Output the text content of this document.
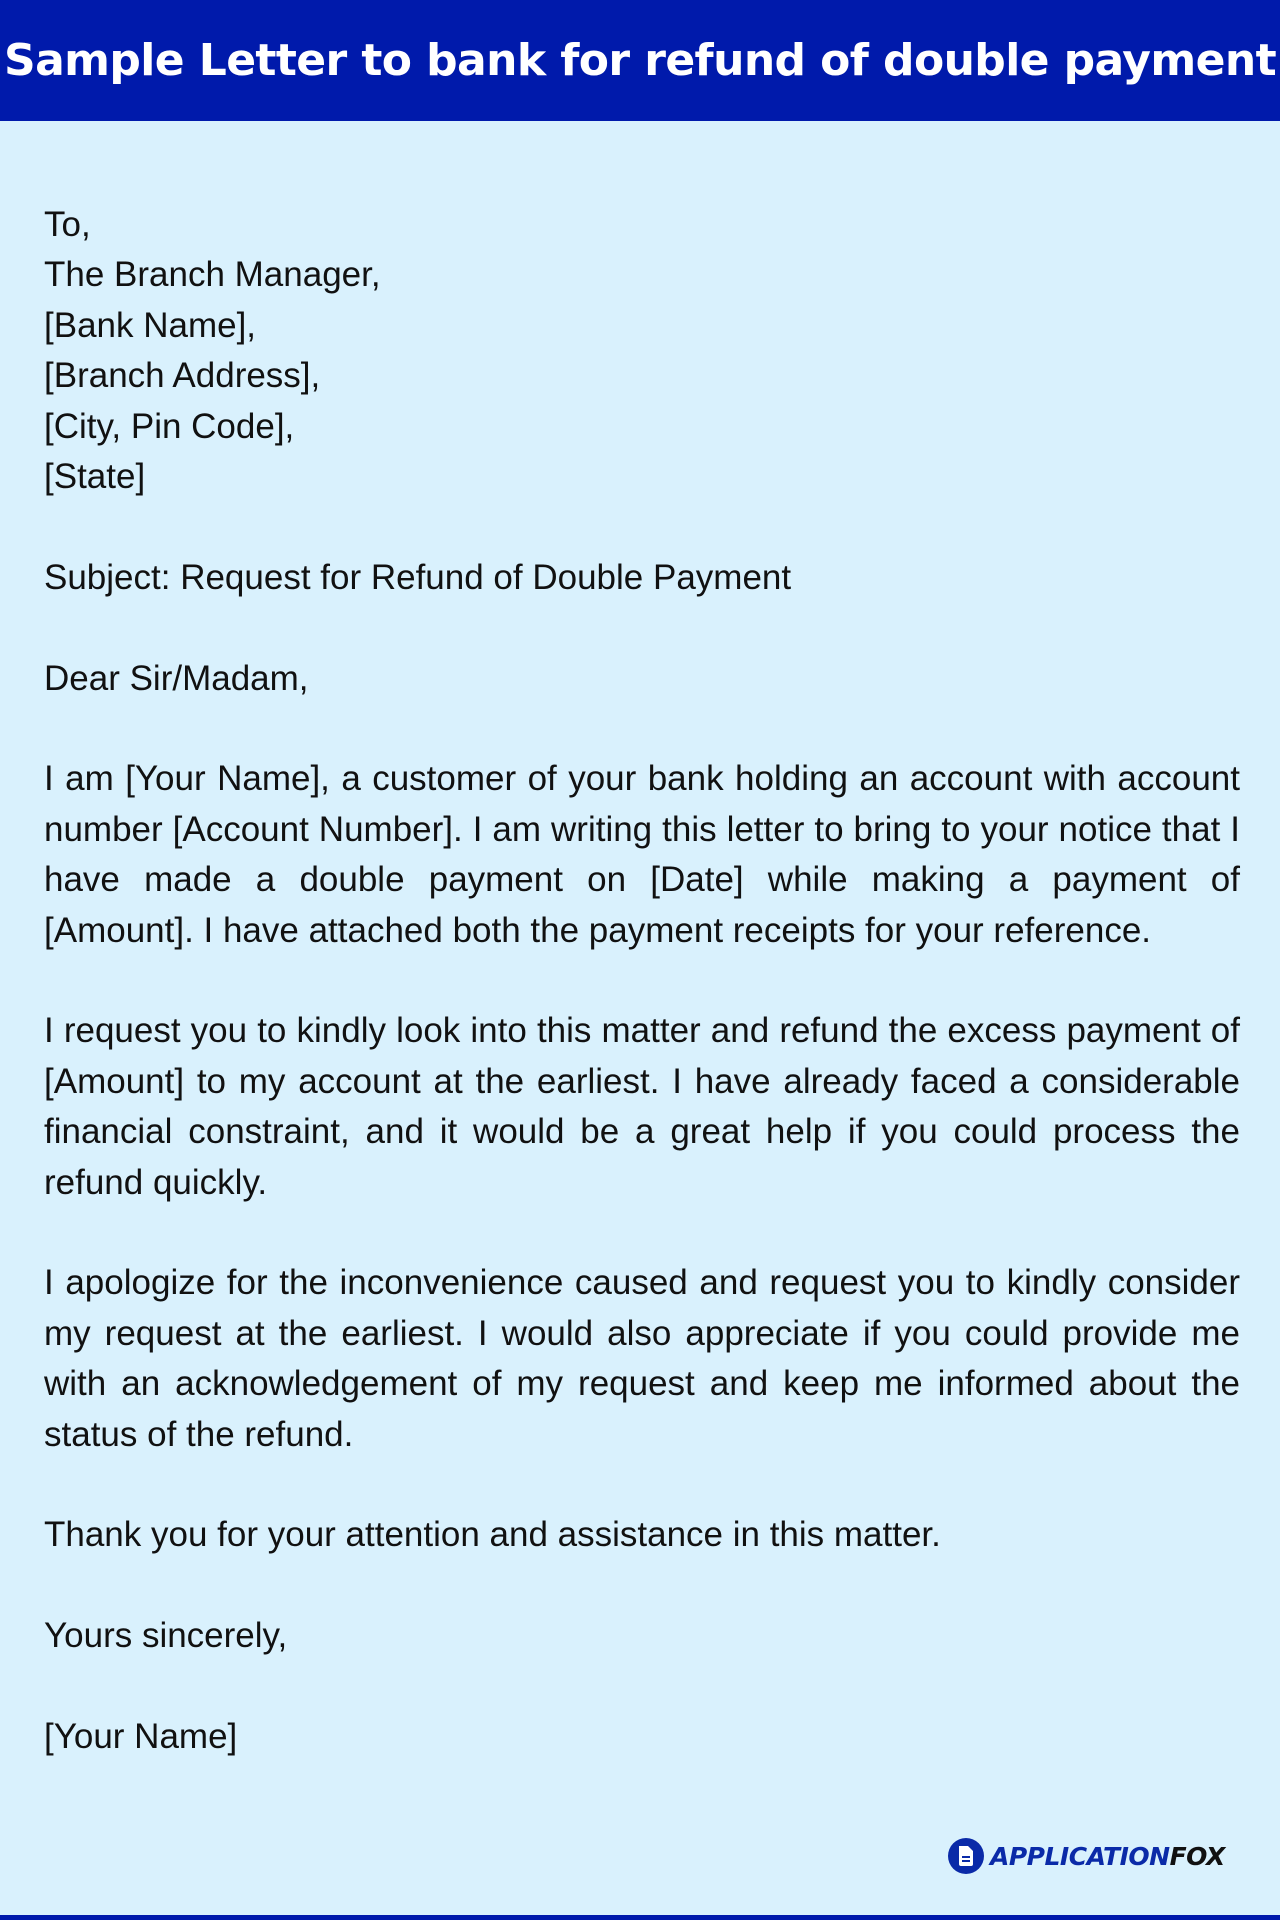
Sample Letter to bank for refund of double payment
To,
The Branch Manager,
[Bank Name],
[Branch Address],
[City, Pin Code],
[State]
Subject: Request for Refund of Double Payment
Dear Sir/Madam,

I am [Your Name], a customer of your bank holding an account with account number [Account Number]. I am writing this letter to bring to your notice that I have made a double payment on [Date] while making a payment of [Amount]. I have attached both the payment receipts for your reference.

I request you to kindly look into this matter and refund the excess payment of [Amount] to my account at the earliest. I have already faced a considerable financial constraint, and it would be a great help if you could process the refund quickly.

I apologize for the inconvenience caused and request you to kindly consider my request at the earliest. I would also appreciate if you could provide me with an acknowledgement of my request and keep me informed about the status of the refund.

Thank you for your attention and assistance in this matter.
Yours sincerely,
[Your Name]
APPLICATIONFOX
